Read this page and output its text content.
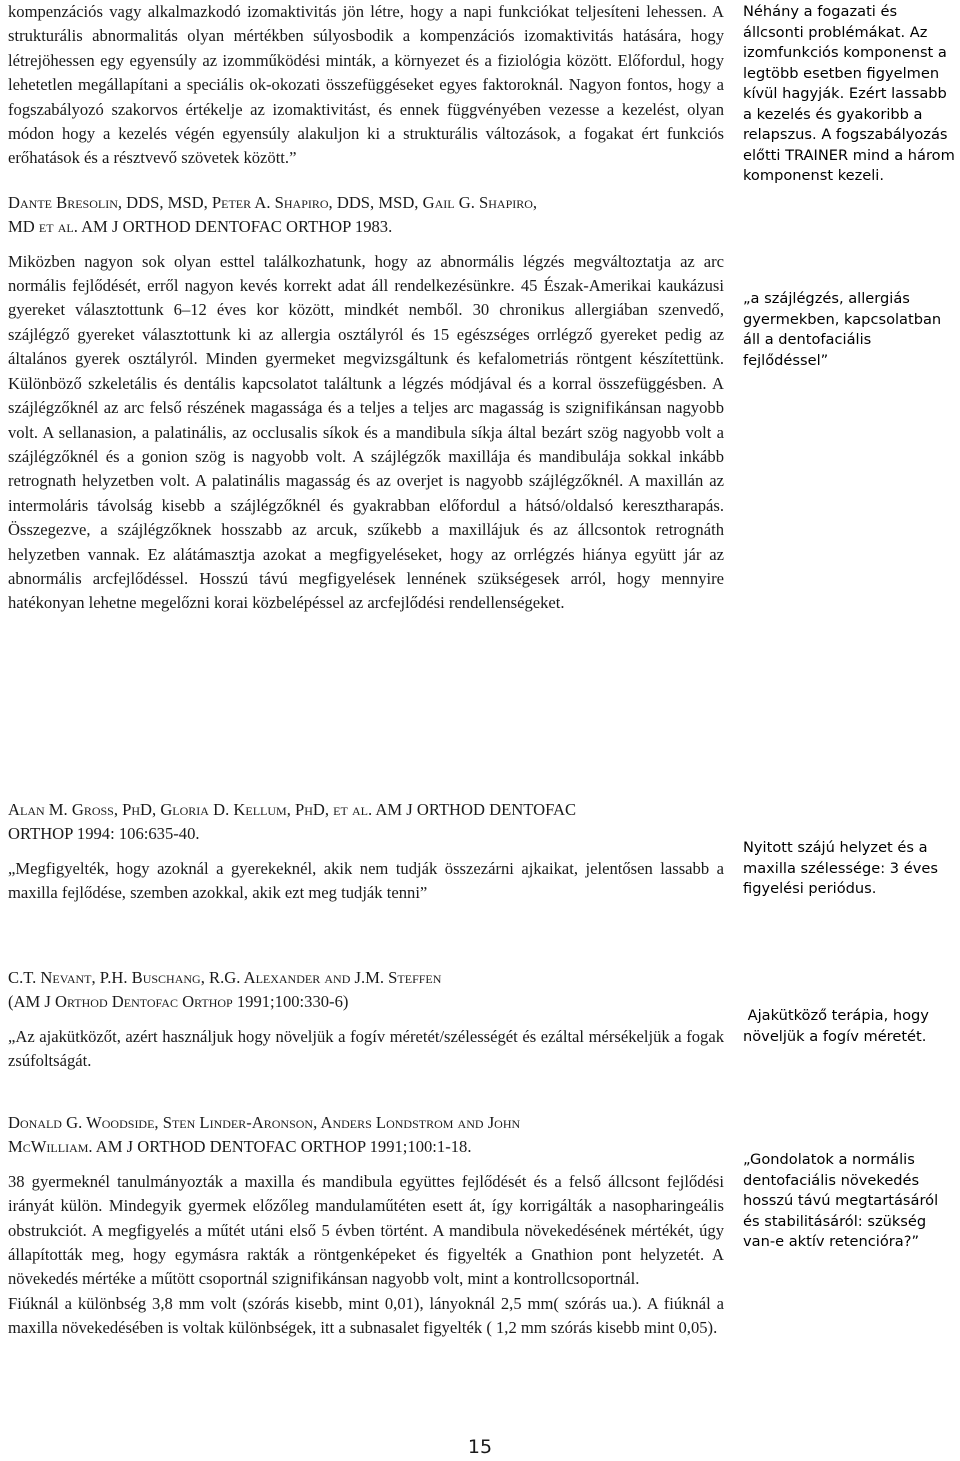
kompenzációs vagy alkalmazkodó izomaktivitás jön létre, hogy a napi funkciókat teljesíteni lehessen. A strukturális abnormalitás olyan mértékben súlyosbodik a kompenzációs izomaktivitás hatására, hogy létrejöhessen egy egyensúly az izomműködési minták, a környezet és a fiziológia között. Előfordul, hogy lehetetlen megállapítani a speciális ok-okozati összefüggéseket egyes faktoroknál. Nagyon fontos, hogy a fogszabályozó szakorvos értékelje az izomaktivitást, és ennek függvényében vezesse a kezelést, olyan módon hogy a kezelés végén egyensúly alakuljon ki a strukturális változások, a fogakat ért funkciós erőhatások és a résztvevő szövetek között.”

Dante Bresolin, DDS, MSD, Peter A. Shapiro, DDS, MSD, Gail G. Shapiro,

MD et al. AM J ORTHOD DENTOFAC ORTHOP 1983.

Miközben nagyon sok olyan esttel találkozhatunk, hogy az abnormális légzés megváltoztatja az arc normális fejlődését, erről nagyon kevés korrekt adat áll rendelkezésünkre. 45 Észak-Amerikai kaukázusi gyereket választottunk 6–12 éves kor között, mindkét nemből. 30 chronikus allergiában szenvedő, szájlégző gyereket választottunk ki az allergia osztályról és 15 egészséges orrlégző gyereket pedig az általános gyerek osztályról. Minden gyermeket megvizsgáltunk és kefalometriás röntgent készítettünk. Különböző szkeletális és dentális kapcsolatot találtunk a légzés módjával és a korral összefüggésben. A szájlégzőknél az arc felső részének magassága és a teljes a teljes arc magasság is szignifikánsan nagyobb volt. A sellanasion, a palatinális, az occlusalis síkok és a mandibula síkja által bezárt szög nagyobb volt a szájlégzőknél és a gonion szög is nagyobb volt. A szájlégzők maxillája és mandibulája sokkal inkább retrognath helyzetben volt. A palatinális magasság és az overjet is nagyobb szájlégzőknél. A maxillán az intermoláris távolság kisebb a szájlégzőknél és gyakrabban előfordul a hátsó/oldalsó keresztharapás. Összegezve, a szájlégzőknek hosszabb az arcuk, szűkebb a maxillájuk és az állcsontok retrognáth helyzetben vannak. Ez alátámasztja azokat a megfigyeléseket, hogy az orrlégzés hiánya együtt jár az abnormális arcfejlődéssel. Hosszú távú megfigyelések lennének szükségesek arról, hogy mennyire hatékonyan lehetne megelőzni korai közbelépéssel az arcfejlődési rendellenségeket.

Alan M. Gross, PhD, Gloria D. Kellum, PhD, et al. AM J ORTHOD DENTOFAC

ORTHOP 1994: 106:635-40.

„Megfigyelték, hogy azoknál a gyerekeknél, akik nem tudják összezárni ajkaikat, jelentősen lassabb a maxilla fejlődése, szemben azokkal, akik ezt meg tudják tenni”

C.T. Nevant, P.H. Buschang, R.G. Alexander and J.M. Steffen

(AM J Orthod Dentofac Orthop 1991;100:330-6)

„Az ajakütközőt, azért használjuk hogy növeljük a fogív méretét/szélességét és ezáltal mérsékeljük a fogak zsúfoltságát.

Donald G. Woodside, Sten Linder-Aronson, Anders Londstrom and John

McWilliam. AM J ORTHOD DENTOFAC ORTHOP 1991;100:1-18.

38 gyermeknél tanulmányozták a maxilla és mandibula együttes fejlődését és a felső állcsont fejlődési irányát külön. Mindegyik gyermek előzőleg mandulaműtéten esett át, így korrigálták a nasopharingeális obstrukciót. A megfigyelés a műtét utáni első 5 évben történt. A mandibula növekedésének mértékét, úgy állapították meg, hogy egymásra rakták a röntgenképeket és figyelték a Gnathion pont helyzetét. A növekedés mértéke a műtött csoportnál szignifikánsan nagyobb volt, mint a kontrollcsoportnál.

Fiúknál a különbség 3,8 mm volt (szórás kisebb, mint 0,01), lányoknál 2,5 mm( szórás ua.). A fiúknál a maxilla növekedésében is voltak különbségek, itt a subnasalet figyelték ( 1,2 mm szórás kisebb mint 0,05).

Néhány a fogazati és állcsonti problémákat. Az izomfunkciós komponenst a legtöbb esetben figyelmen kívül hagyják. Ezért lassabb a kezelés és gyakoribb a relapszus. A fogszabályozás előtti TRAINER mind a három komponenst kezeli.

„a szájlégzés, allergiás gyermekben, kapcsolatban áll a dentofaciális fejlődéssel”

Nyitott szájú helyzet és a maxilla szélessége: 3 éves figyelési periódus.

Ajakütköző terápia, hogy növeljük a fogív méretét.

„Gondolatok a normális dentofaciális növekedés hosszú távú megtartásáról és stabilitásáról: szükség van-e aktív retencióra?”

15
